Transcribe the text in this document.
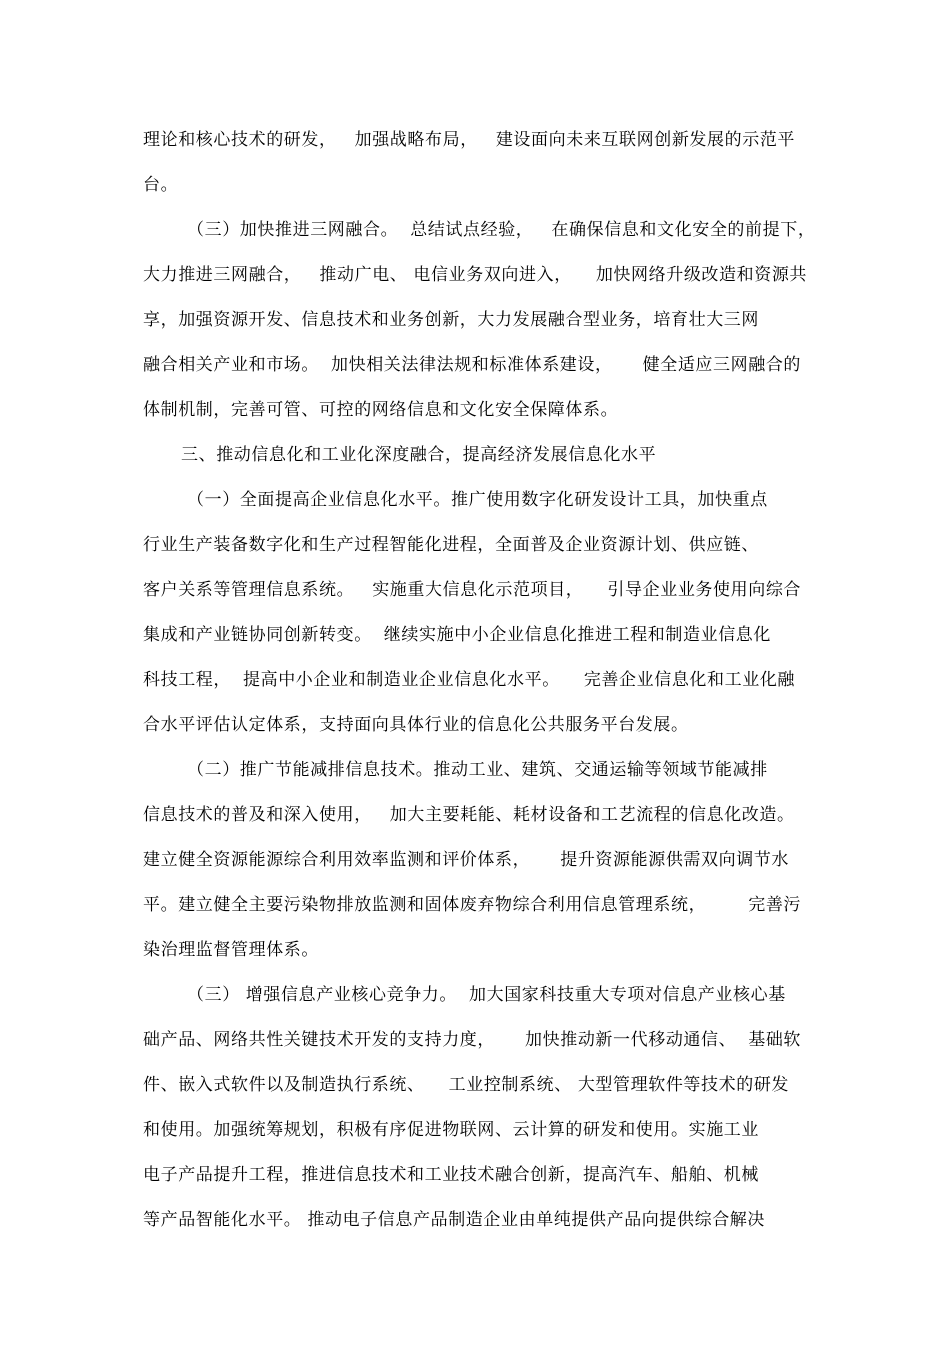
理论和核心技术的研发，   加强战略布局，   建设面向未来互联网创新发展的示范平
台。
（三）加快推进三网融合。  总结试点经验，   在确保信息和文化安全的前提下，
大力推进三网融合，   推动广电、 电信业务双向进入，    加快网络升级改造和资源共
享，加强资源开发、信息技术和业务创新，大力发展融合型业务，培育壮大三网
融合相关产业和市场。  加快相关法律法规和标准体系建设，     健全适应三网融合的
体制机制，完善可管、可控的网络信息和文化安全保障体系。
三、推动信息化和工业化深度融合，提高经济发展信息化水平
（一）全面提高企业信息化水平。推广使用数字化研发设计工具，加快重点
行业生产装备数字化和生产过程智能化进程，全面普及企业资源计划、供应链、
客户关系等管理信息系统。   实施重大信息化示范项目，    引导企业业务使用向综合
集成和产业链协同创新转变。  继续实施中小企业信息化推进工程和制造业信息化
科技工程，  提高中小企业和制造业企业信息化水平。    完善企业信息化和工业化融
合水平评估认定体系，支持面向具体行业的信息化公共服务平台发展。
（二）推广节能减排信息技术。推动工业、建筑、交通运输等领域节能减排
信息技术的普及和深入使用，   加大主要耗能、耗材设备和工艺流程的信息化改造。
建立健全资源能源综合利用效率监测和评价体系，     提升资源能源供需双向调节水
平。建立健全主要污染物排放监测和固体废弃物综合利用信息管理系统，       完善污
染治理监督管理体系。
（三） 增强信息产业核心竞争力。  加大国家科技重大专项对信息产业核心基
础产品、网络共性关键技术开发的支持力度，     加快推动新一代移动通信、  基础软
件、嵌入式软件以及制造执行系统、    工业控制系统、 大型管理软件等技术的研发
和使用。加强统筹规划，积极有序促进物联网、云计算的研发和使用。实施工业
电子产品提升工程，推进信息技术和工业技术融合创新，提高汽车、船舶、机械
等产品智能化水平。 推动电子信息产品制造企业由单纯提供产品向提供综合解决
